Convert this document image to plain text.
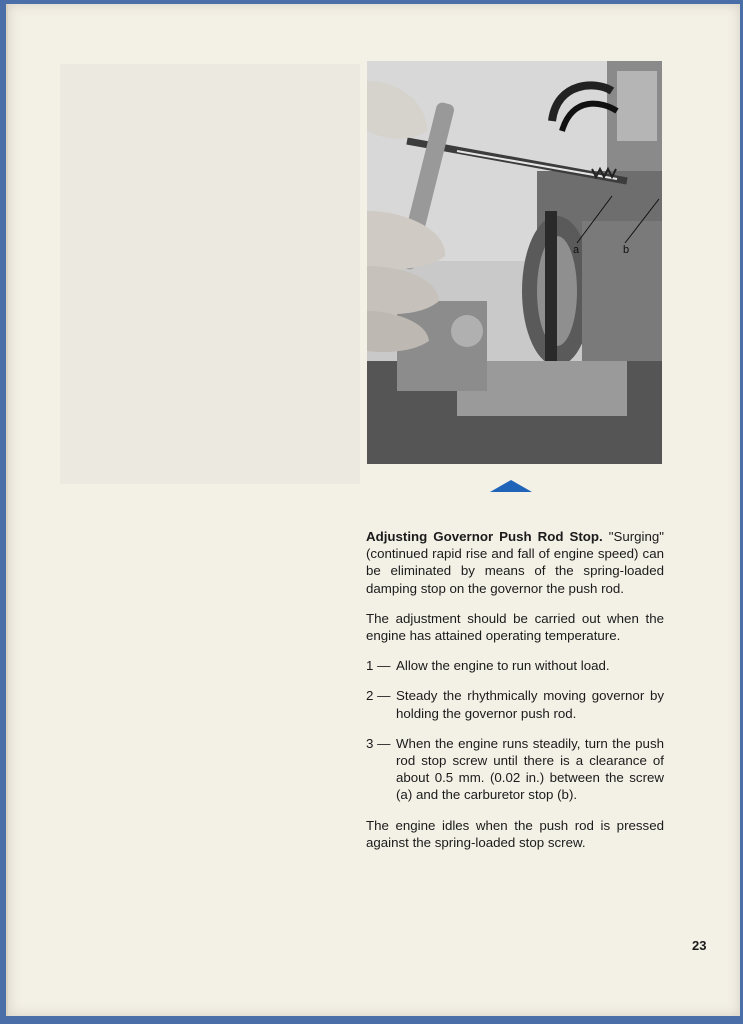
a	b

Adjusting Governor Push Rod Stop. "Surging" (continued rapid rise and fall of engine speed) can be eliminated by means of the spring-loaded damping stop on the governor the push rod.

The adjustment should be carried out when the engine has attained operating temperature.

1 — Allow the engine to run without load.
2 — Steady the rhythmically moving governor by holding the governor push rod.
3 — When the engine runs steadily, turn the push rod stop screw until there is a clearance of about 0.5 mm. (0.02 in.) between the screw (a) and the carburetor stop (b).

The engine idles when the push rod is pressed against the spring-loaded stop screw.

23
